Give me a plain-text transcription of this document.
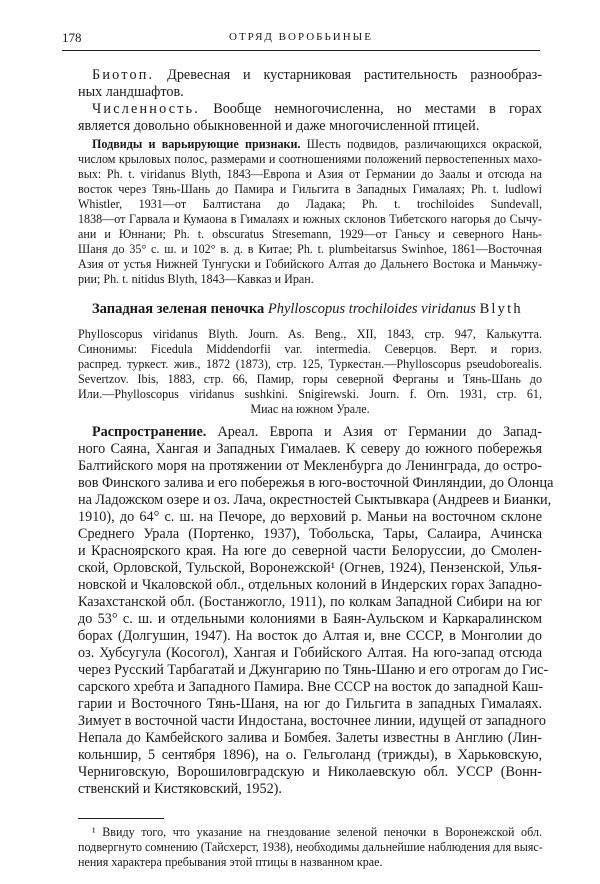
178	ОТРЯД ВОРОБЬИНЫЕ

Биотоп. Древесная и кустарниковая растительность разнообраз-

ных ландшафтов.

Численность. Вообще немногочисленна, но местами в горах

является довольно обыкновенной и даже многочисленной птицей.

Подвиды и варьирующие признаки. Шесть подвидов, различающихся окраской,

числом крыловых полос, размерами и соотношениями положений первостепенных махо-

вых: Ph. t. viridanus Blyth, 1843—Европа и Азия от Германии до Заалы и отсюда на

восток через Тянь-Шань до Памира и Гильгита в Западных Гималаях; Ph. t. ludlowi

Whistler, 1931—от Балтистана до Ладака; Ph. t. trochiloides Sundevall,

1838—от Гарвала и Кумаона в Гималаях и южных склонов Тибетского нагорья до Сычу-

ани и Юннани; Ph. t. obscuratus Stresemann, 1929—от Ганьсу и северного Нань-

Шаня до 35° с. ш. и 102° в. д. в Китае; Ph. t. plumbeitarsus Swinhoe, 1861—Восточная

Азия от устья Нижней Тунгуски и Гобийского Алтая до Дальнего Востока и Маньчжу-

рии; Ph. t. nitidus Blyth, 1843—Кавказ и Иран.

Западная зеленая пеночка Phylloscopus trochiloides viridanus Blyth

Phylloscopus viridanus Blyth. Journ. As. Beng., XII, 1843, стр. 947, Калькутта.

Синонимы: Ficedula Middendorfii var. intermedia. Северцов. Верт. и гориз.

распред. туркест. жив., 1872 (1873), стр. 125, Туркестан.—Phylloscopus pseudoborealis.

Severtzov. Ibis, 1883, стр. 66, Памир, горы северной Ферганы и Тянь-Шань до

Или.—Phylloscopus viridanus sushkini. Snigirewski. Journ. f. Orn. 1931, стр. 61,

Миас на южном Урале.

Распространение. Ареал. Европа и Азия от Германии до Запад-

ного Саяна, Хангая и Западных Гималаев. К северу до южного побережья

Балтийского моря на протяжении от Мекленбурга до Ленинграда, до остро-

вов Финского залива и его побережья в юго-восточной Финляндии, до Олонца

на Ладожском озере и оз. Лача, окрестностей Сыктывкара (Андреев и Бианки,

1910), до 64° с. ш. на Печоре, до верховий р. Маньи на восточном склоне

Среднего Урала (Портенко, 1937), Тобольска, Тары, Салаира, Ачинска

и Красноярского края. На юге до северной части Белоруссии, до Смолен-

ской, Орловской, Тульской, Воронежской¹ (Огнев, 1924), Пензенской, Улья-

новской и Чкаловской обл., отдельных колоний в Индерских горах Западно-

Казахстанской обл. (Бостанжогло, 1911), по колкам Западной Сибири на юг

до 53° с. ш. и отдельными колониями в Баян-Аульском и Каркаралинском

борах (Долгушин, 1947). На восток до Алтая и, вне СССР, в Монголии до

оз. Хубсугула (Косогол), Хангая и Гобийского Алтая. На юго-запад отсюда

через Русский Тарбагатай и Джунгарию по Тянь-Шаню и его отрогам до Гис-

сарского хребта и Западного Памира. Вне СССР на восток до западной Каш-

гарии и Восточного Тянь-Шаня, на юг до Гильгита в западных Гималаях.

Зимует в восточной части Индостана, восточнее линии, идущей от западного

Непала до Камбейского залива и Бомбея. Залеты известны в Англию (Лин-

кольншир, 5 сентября 1896), на о. Гельголанд (трижды), в Харьковскую,

Черниговскую, Ворошиловградскую и Николаевскую обл. УССР (Вонн-

ственский и Кистяковский, 1952).

¹ Ввиду того, что указание на гнездование зеленой пеночки в Воронежской обл.

подвергнуто сомнению (Тайсхерст, 1938), необходимы дальнейшие наблюдения для выяс-

нения характера пребывания этой птицы в названном крае.
